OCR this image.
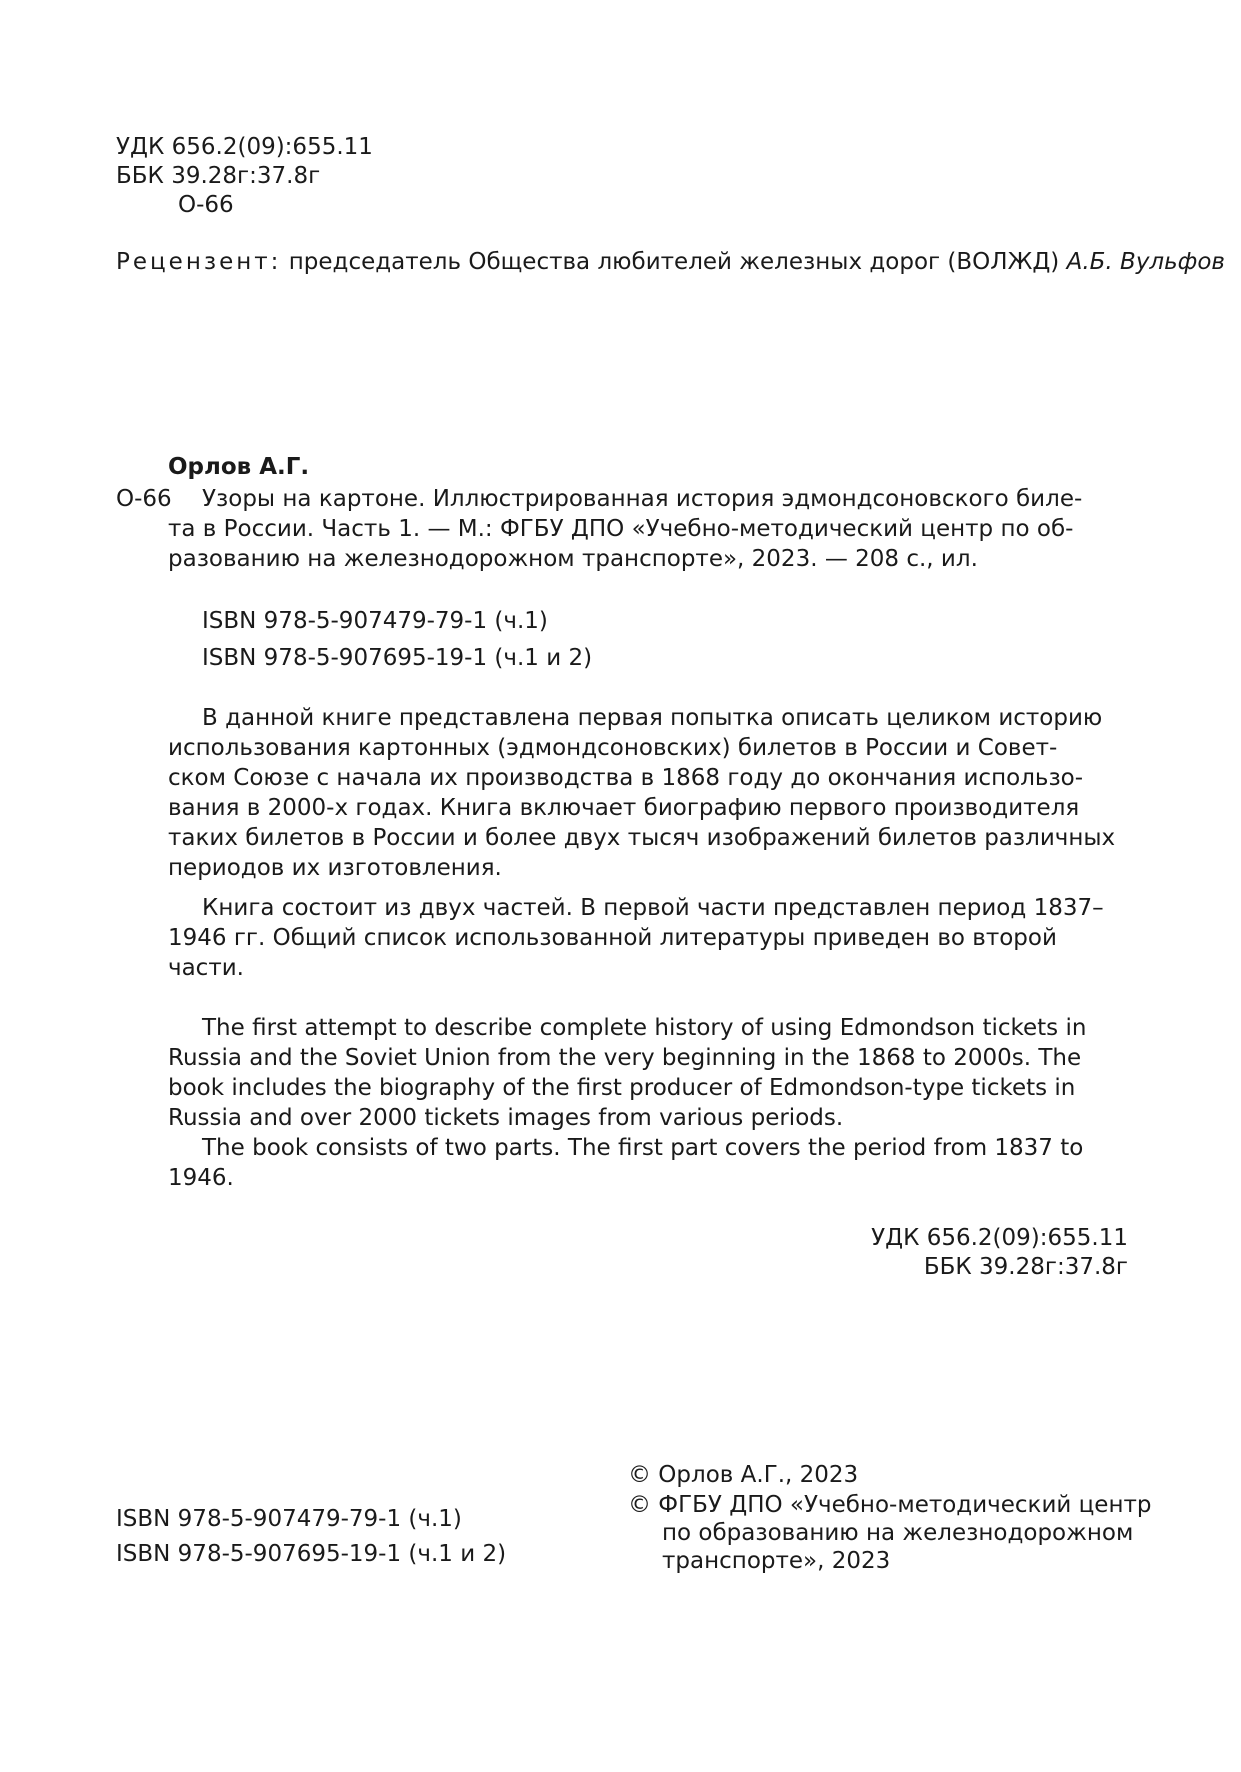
УДК 656.2(09):655.11
ББК 39.28г:37.8г
О-66
Рецензент: председатель Общества любителей железных дорог (ВОЛЖД) А.Б. Вульфов
Орлов А.Г.
О-66 Узоры на картоне. Иллюстрированная история эдмондсоновского биле-
та в России. Часть 1. — М.: ФГБУ ДПО «Учебно-методический центр по об-
разованию на железнодорожном транспорте», 2023. — 208 с., ил.
ISBN 978-5-907479-79-1 (ч.1)
ISBN 978-5-907695-19-1 (ч.1 и 2)
В данной книге представлена первая попытка описать целиком историю
использования картонных (эдмондсоновских) билетов в России и Совет-
ском Союзе с начала их производства в 1868 году до окончания использо-
вания в 2000-х годах. Книга включает биографию первого производителя
таких билетов в России и более двух тысяч изображений билетов различных
периодов их изготовления.
Книга состоит из двух частей. В первой части представлен период 1837–
1946 гг. Общий список использованной литературы приведен во второй
части.
The first attempt to describe complete history of using Edmondson tickets in
Russia and the Soviet Union from the very beginning in the 1868 to 2000s. The
book includes the biography of the first producer of Edmondson-type tickets in
Russia and over 2000 tickets images from various periods.
The book consists of two parts. The first part covers the period from 1837 to
1946.
УДК 656.2(09):655.11
ББК 39.28г:37.8г
ISBN 978-5-907479-79-1 (ч.1)
ISBN 978-5-907695-19-1 (ч.1 и 2)
© Орлов А.Г., 2023
© ФГБУ ДПО «Учебно-методический центр
по образованию на железнодорожном
транспорте», 2023
